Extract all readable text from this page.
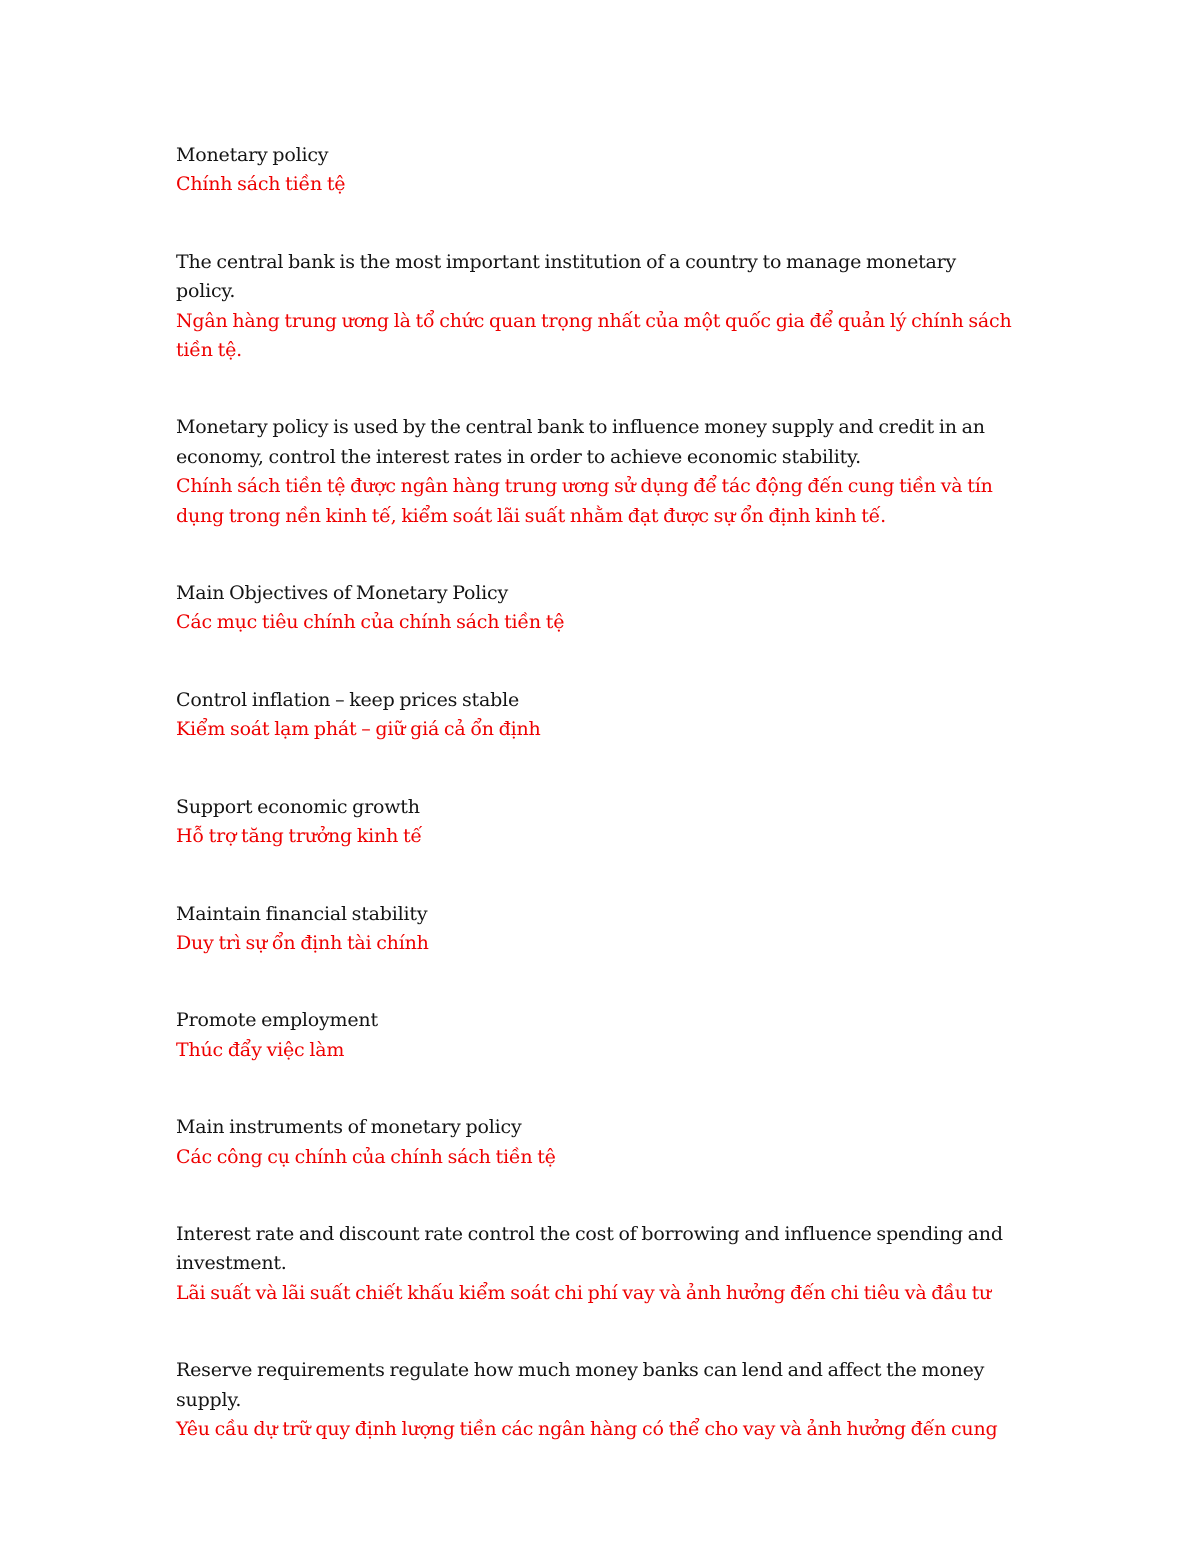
Monetary policy

Chính sách tiền tệ

The central bank is the most important institution of a country to manage monetary policy.

Ngân hàng trung ương là tổ chức quan trọng nhất của một quốc gia để quản lý chính sách tiền tệ.

Monetary policy is used by the central bank to influence money supply and credit in an economy, control the interest rates in order to achieve economic stability.

Chính sách tiền tệ được ngân hàng trung ương sử dụng để tác động đến cung tiền và tín dụng trong nền kinh tế, kiểm soát lãi suất nhằm đạt được sự ổn định kinh tế.

Main Objectives of Monetary Policy

Các mục tiêu chính của chính sách tiền tệ

Control inflation – keep prices stable

Kiểm soát lạm phát – giữ giá cả ổn định

Support economic growth

Hỗ trợ tăng trưởng kinh tế

Maintain financial stability

Duy trì sự ổn định tài chính

Promote employment

Thúc đẩy việc làm

Main instruments of monetary policy

Các công cụ chính của chính sách tiền tệ

Interest rate and discount rate control the cost of borrowing and influence spending and investment.

Lãi suất và lãi suất chiết khấu kiểm soát chi phí vay và ảnh hưởng đến chi tiêu và đầu tư

Reserve requirements regulate how much money banks can lend and affect the money supply.

Yêu cầu dự trữ quy định lượng tiền các ngân hàng có thể cho vay và ảnh hưởng đến cung
